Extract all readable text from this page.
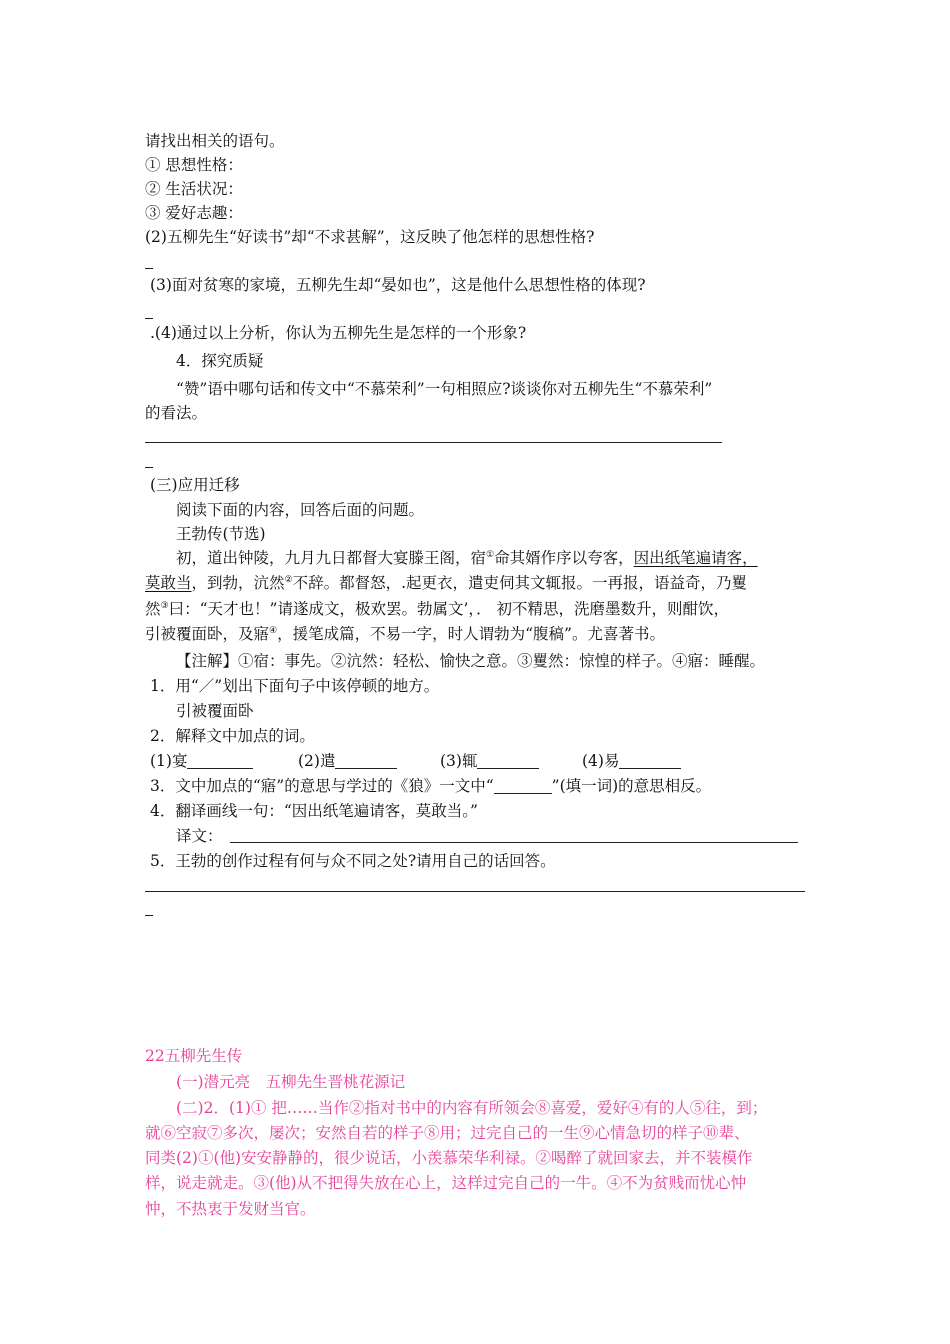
请找出相关的语句。
① 思想性格：
② 生活状况：
③ 爱好志趣：
(2)五柳先生“好读书”却“不求甚解”，这反映了他怎样的思想性格?
(3)面对贫寒的家境，五柳先生却“晏如也”，这是他什么思想性格的体现?
.(4)通过以上分析，你认为五柳先生是怎样的一个形象?
4．探究质疑
“赞”语中哪句话和传文中“不慕荣利”一句相照应?谈谈你对五柳先生“不慕荣利”
的看法。
(三)应用迁移
阅读下面的内容，回答后面的问题。
王勃传(节选)
初，道出钟陵，九月九日都督大宴滕王阁，宿①命其婿作序以夸客，因出纸笔遍请客，
莫敢当，到勃，沆然②不辞。都督怒，.起更衣，遣吏伺其文辄报。一再报，语益奇，乃矍
然③曰：“天才也！”请遂成文，极欢罢。勃属文’，． 初不精思，洗磨墨数升，则酣饮，
引被覆面卧，及寤④，援笔成篇，不易一字，时人谓勃为“腹稿”。尤喜著书。
【注解】①宿：事先。②沆然：轻松、愉快之意。③矍然：惊惶的样子。④寤：睡醒。
1．用“／”划出下面句子中该停顿的地方。
引被覆面卧
2．解释文中加点的词。
(1)宴	(2)遣	(3)辄	(4)易
3．文中加点的“寤”的意思与学过的《狼》一文中“	”(填一词)的意思相反。
4．翻译画线一句：“因出纸笔遍请客，莫敢当。”
译文：
5．王勃的创作过程有何与众不同之处?请用自己的话回答。
22五柳先生传
(一)潜元亮　五柳先生晋桃花源记
(二)2．(1)① 把……当作②指对书中的内容有所领会⑧喜爱，爱好④有的人⑤往，到；
就⑥空寂⑦多次，屡次；安然自若的样子⑧用；过完自己的一生⑨心情急切的样子⑩辈、
同类(2)①(他)安安静静的，很少说话，小羡慕荣华利禄。②喝醉了就回家去，并不装模作
样，说走就走。③(他)从不把得失放在心上，这样过完自己的一牛。④不为贫贱而忧心忡
忡，不热衷于发财当官。
